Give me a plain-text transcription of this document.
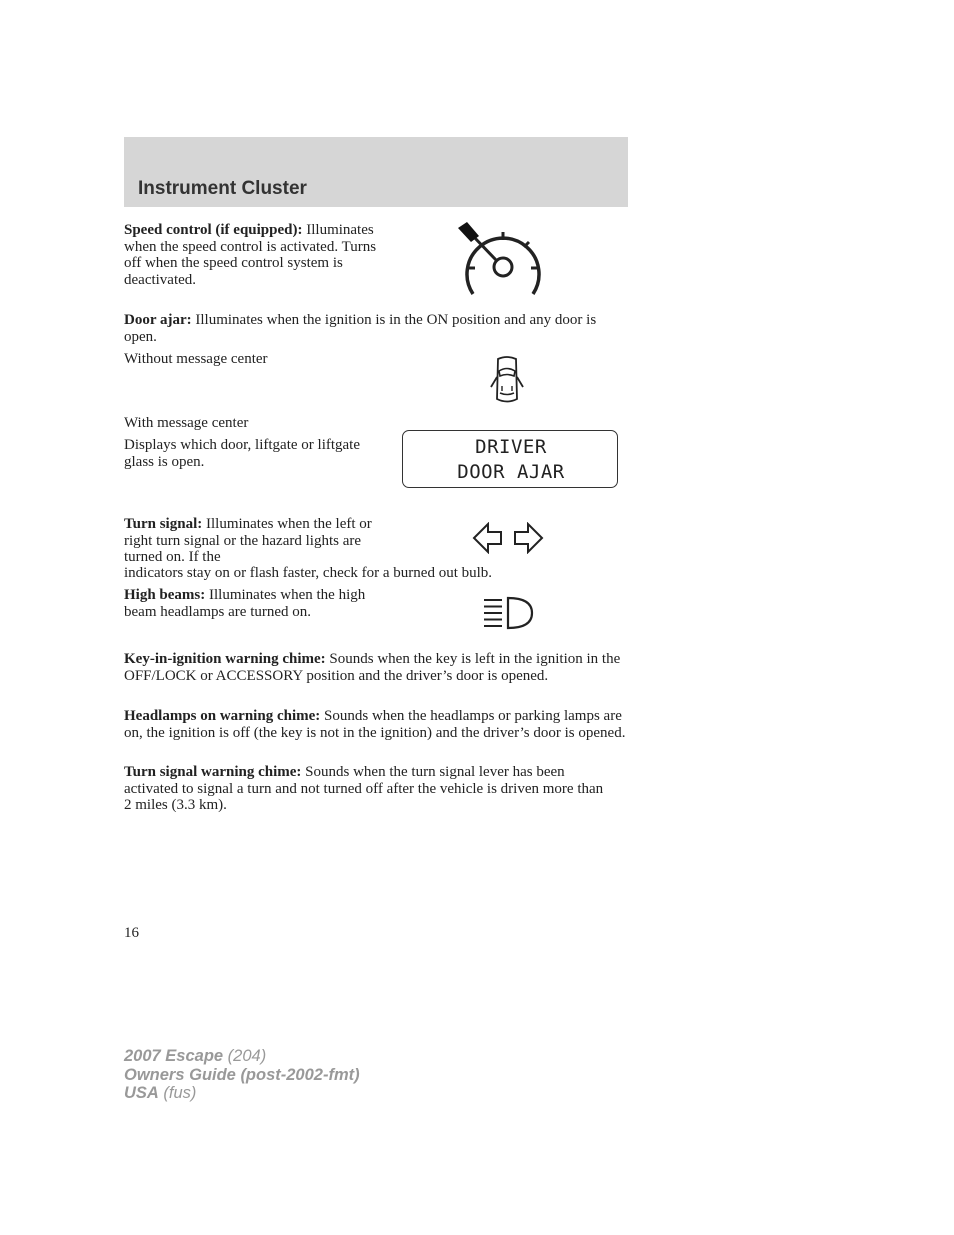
Instrument Cluster
Speed control (if equipped): Illuminates when the speed control is activated. Turns off when the speed control system is deactivated.
Door ajar: Illuminates when the ignition is in the ON position and any door is open.
Without message center
With message center
Displays which door, liftgate or liftgate glass is open.
DRIVER
DOOR AJAR
Turn signal: Illuminates when the left or right turn signal or the hazard lights are turned on. If the
indicators stay on or flash faster, check for a burned out bulb.
High beams: Illuminates when the high beam headlamps are turned on.
Key-in-ignition warning chime: Sounds when the key is left in the ignition in the OFF/LOCK or ACCESSORY position and the driver’s door is opened.
Headlamps on warning chime: Sounds when the headlamps or parking lamps are on, the ignition is off (the key is not in the ignition) and the driver’s door is opened.
Turn signal warning chime: Sounds when the turn signal lever has been activated to signal a turn and not turned off after the vehicle is driven more than 2 miles (3.3 km).
16
2007 Escape (204)
Owners Guide (post-2002-fmt)
USA (fus)
